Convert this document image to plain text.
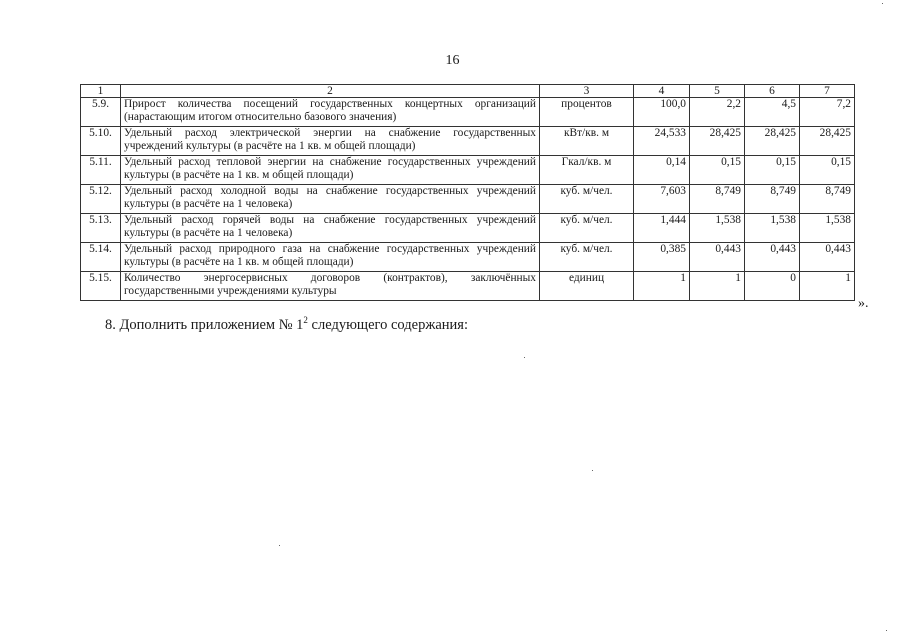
16
1	2	3	4	5	6	7
5.9.	Прирост количества посещений государственных концертных организаций (нарастающим итогом относительно базового значения)	процентов	100,0	2,2	4,5	7,2
5.10.	Удельный расход электрической энергии на снабжение государственных учреждений культуры (в расчёте на 1 кв. м общей площади)	кВт/кв. м	24,533	28,425	28,425	28,425
5.11.	Удельный расход тепловой энергии на снабжение государственных учреждений культуры (в расчёте на 1 кв. м общей площади)	Гкал/кв. м	0,14	0,15	0,15	0,15
5.12.	Удельный расход холодной воды на снабжение государственных учреждений культуры (в расчёте на 1 человека)	куб. м/чел.	7,603	8,749	8,749	8,749
5.13.	Удельный расход горячей воды на снабжение государственных учреждений культуры (в расчёте на 1 человека)	куб. м/чел.	1,444	1,538	1,538	1,538
5.14.	Удельный расход природного газа на снабжение государственных учреждений культуры (в расчёте на 1 кв. м общей площади)	куб. м/чел.	0,385	0,443	0,443	0,443
5.15.	Количество энергосервисных договоров (контрактов), заключённых государственными учреждениями культуры	единиц	1	1	0	1
».
8. Дополнить приложением № $1^2$ следующего содержания:
